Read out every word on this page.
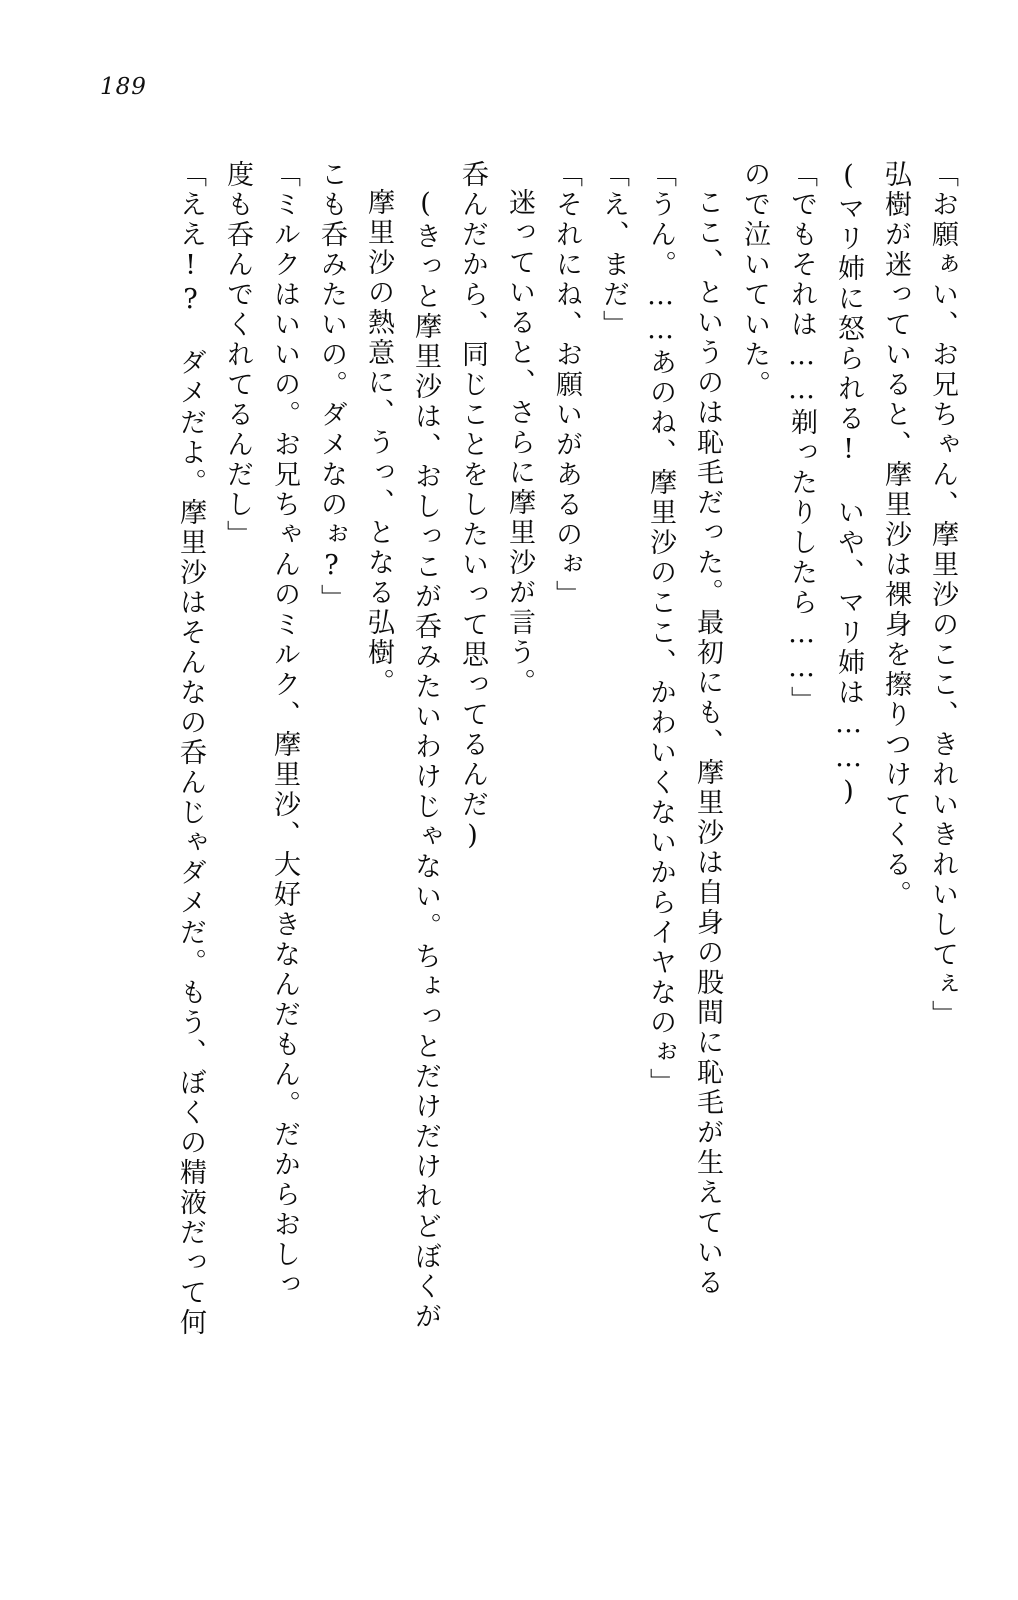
189
「ええ!?　ダメだよ。摩里沙はそんなの呑んじゃダメだ。もう、ぼくの精液だって何 度も呑んでくれてるんだし」 「ミルクはいいの。お兄ちゃんのミルク、摩里沙、大好きなんだもん。だからおしっ こも呑みたいの。ダメなのぉ?」 摩里沙の熱意に、うっ、となる弘樹。 (きっと摩里沙は、おしっこが呑みたいわけじゃない。ちょっとだけだけれどぼくが 呑んだから、同じことをしたいって思ってるんだ) 迷っていると、さらに摩里沙が言う。 「それにね、お願いがあるのぉ」 「え、まだ」 「うん。……あのね、摩里沙のここ、かわいくないからイヤなのぉ」 ここ、というのは恥毛だった。最初にも、摩里沙は自身の股間に恥毛が生えている ので泣いていた。 「でもそれは……剃ったりしたら……」 (マリ姉に怒られる!　いや、マリ姉は……) 弘樹が迷っていると、摩里沙は裸身を擦りつけてくる。 「お願ぁい、お兄ちゃん、摩里沙のここ、きれいきれいしてぇ」
